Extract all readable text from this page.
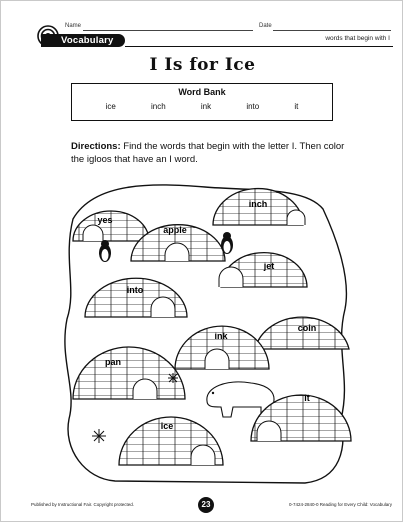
Name	Date
Vocabulary	words that begin with I
I Is for Ice
Word Bank
ice	inch	ink	into	it
Directions: Find the words that begin with the letter I. Then color the igloos that have an I word.
yes
inch
apple
jet
into
coin
ink
pan
it
ice
Published by Instructional Fair. Copyright protected.	23	0-7424-2840-0 Reading for Every Child: Vocabulary
